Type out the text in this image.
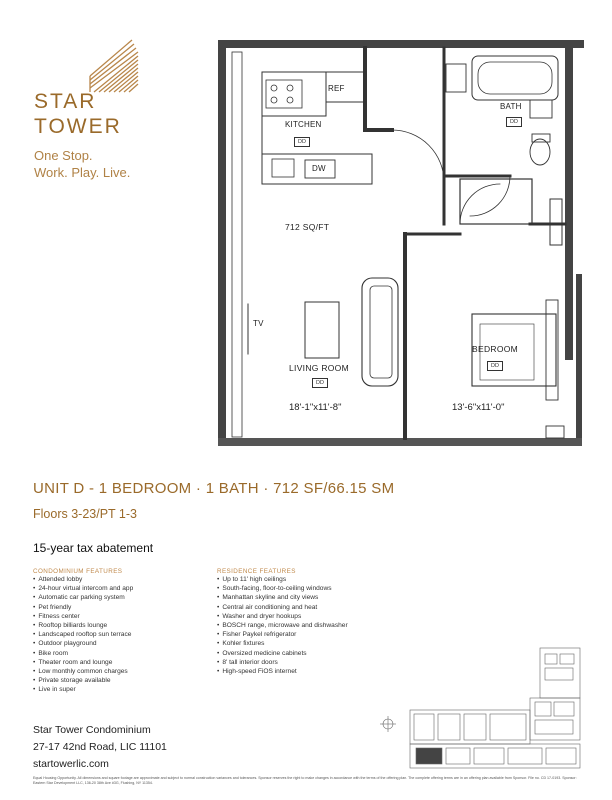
STAR
TOWER
One Stop.
Work. Play. Live.
REF
KITCHEN
DD
DW
BATH
DD
712 SQ/FT
TV
LIVING ROOM
DD
BEDROOM
DD
18'-1"x11'-8"	13'-6"x11'-0"
UNIT D - 1 BEDROOM · 1 BATH · 712 SF/66.15 SM
Floors 3-23/PT 1-3
15-year tax abatement
CONDOMINIUM FEATURES
• Attended lobby
• 24-hour virtual intercom and app
• Automatic car parking system
• Pet friendly
• Fitness center
• Rooftop billiards lounge
• Landscaped rooftop sun terrace
• Outdoor playground
• Bike room
• Theater room and lounge
• Low monthly common charges
• Private storage available
• Live in super
RESIDENCE FEATURES
• Up to 11' high ceilings
• South-facing, floor-to-ceiling windows
• Manhattan skyline and city views
• Central air conditioning and heat
• Washer and dryer hookups
• BOSCH range, microwave and dishwasher
• Fisher Paykel refrigerator
• Kohler fixtures
• Oversized medicine cabinets
• 8' tall interior doors
• High-speed FiOS internet
Star Tower Condominium
27-17 42nd Road, LIC 11101
startowerlic.com
Equal Housing Opportunity. All dimensions and square footage are approximate and subject to normal construction variances and tolerances. Sponsor reserves the right to make changes in accordance with the terms of the offering plan. The complete offering terms are in an offering plan available from Sponsor. File no. CD 17-0193. Sponsor: Eastern Star Development LLC, 136-20 38th Ave #3G, Flushing, NY 11354.
